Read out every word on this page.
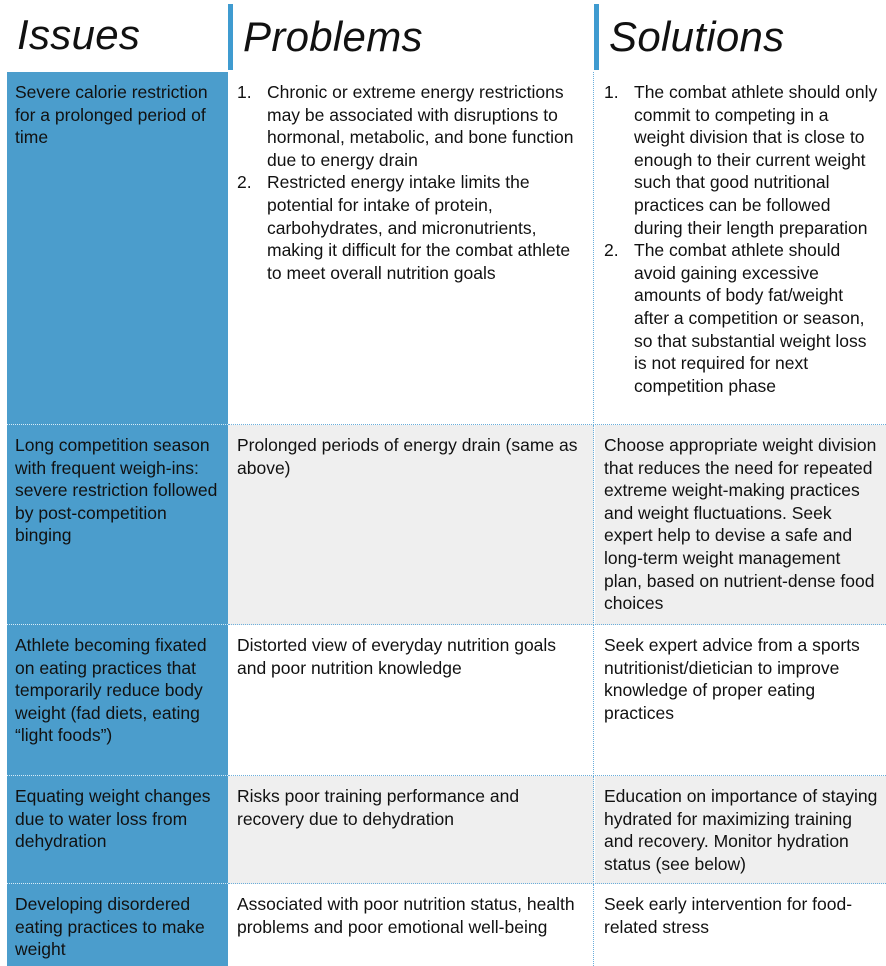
Issues Problems	Solutions
Severe calorie restriction for a prolonged period of time
1. Chronic or extreme energy restrictions may be associated with disruptions to hormonal, metabolic, and bone function due to energy drain
2. Restricted energy intake limits the potential for intake of protein, carbohydrates, and micronutrients, making it difficult for the combat athlete to meet overall nutrition goals
1. The combat athlete should only commit to competing in a weight division that is close to enough to their current weight such that good nutritional practices can be followed during their length preparation
2. The combat athlete should avoid gaining excessive amounts of body fat/weight after a competition or season, so that substantial weight loss is not required for next competition phase
Long competition season with frequent weigh-ins: severe restriction followed by post-competition binging
Prolonged periods of energy drain (same as above)
Choose appropriate weight division that reduces the need for repeated extreme weight-making practices and weight fluctuations. Seek expert help to devise a safe and long-term weight management plan, based on nutrient-dense food choices
Athlete becoming fixated on eating practices that temporarily reduce body weight (fad diets, eating “light foods”)
Distorted view of everyday nutrition goals and poor nutrition knowledge
Seek expert advice from a sports nutritionist/dietician to improve knowledge of proper eating practices
Equating weight changes due to water loss from dehydration
Risks poor training performance and recovery due to dehydration
Education on importance of staying hydrated for maximizing training and recovery. Monitor hydration status (see below)
Developing disordered eating practices to make weight
Associated with poor nutrition status, health problems and poor emotional well-being
Seek early intervention for food-related stress
